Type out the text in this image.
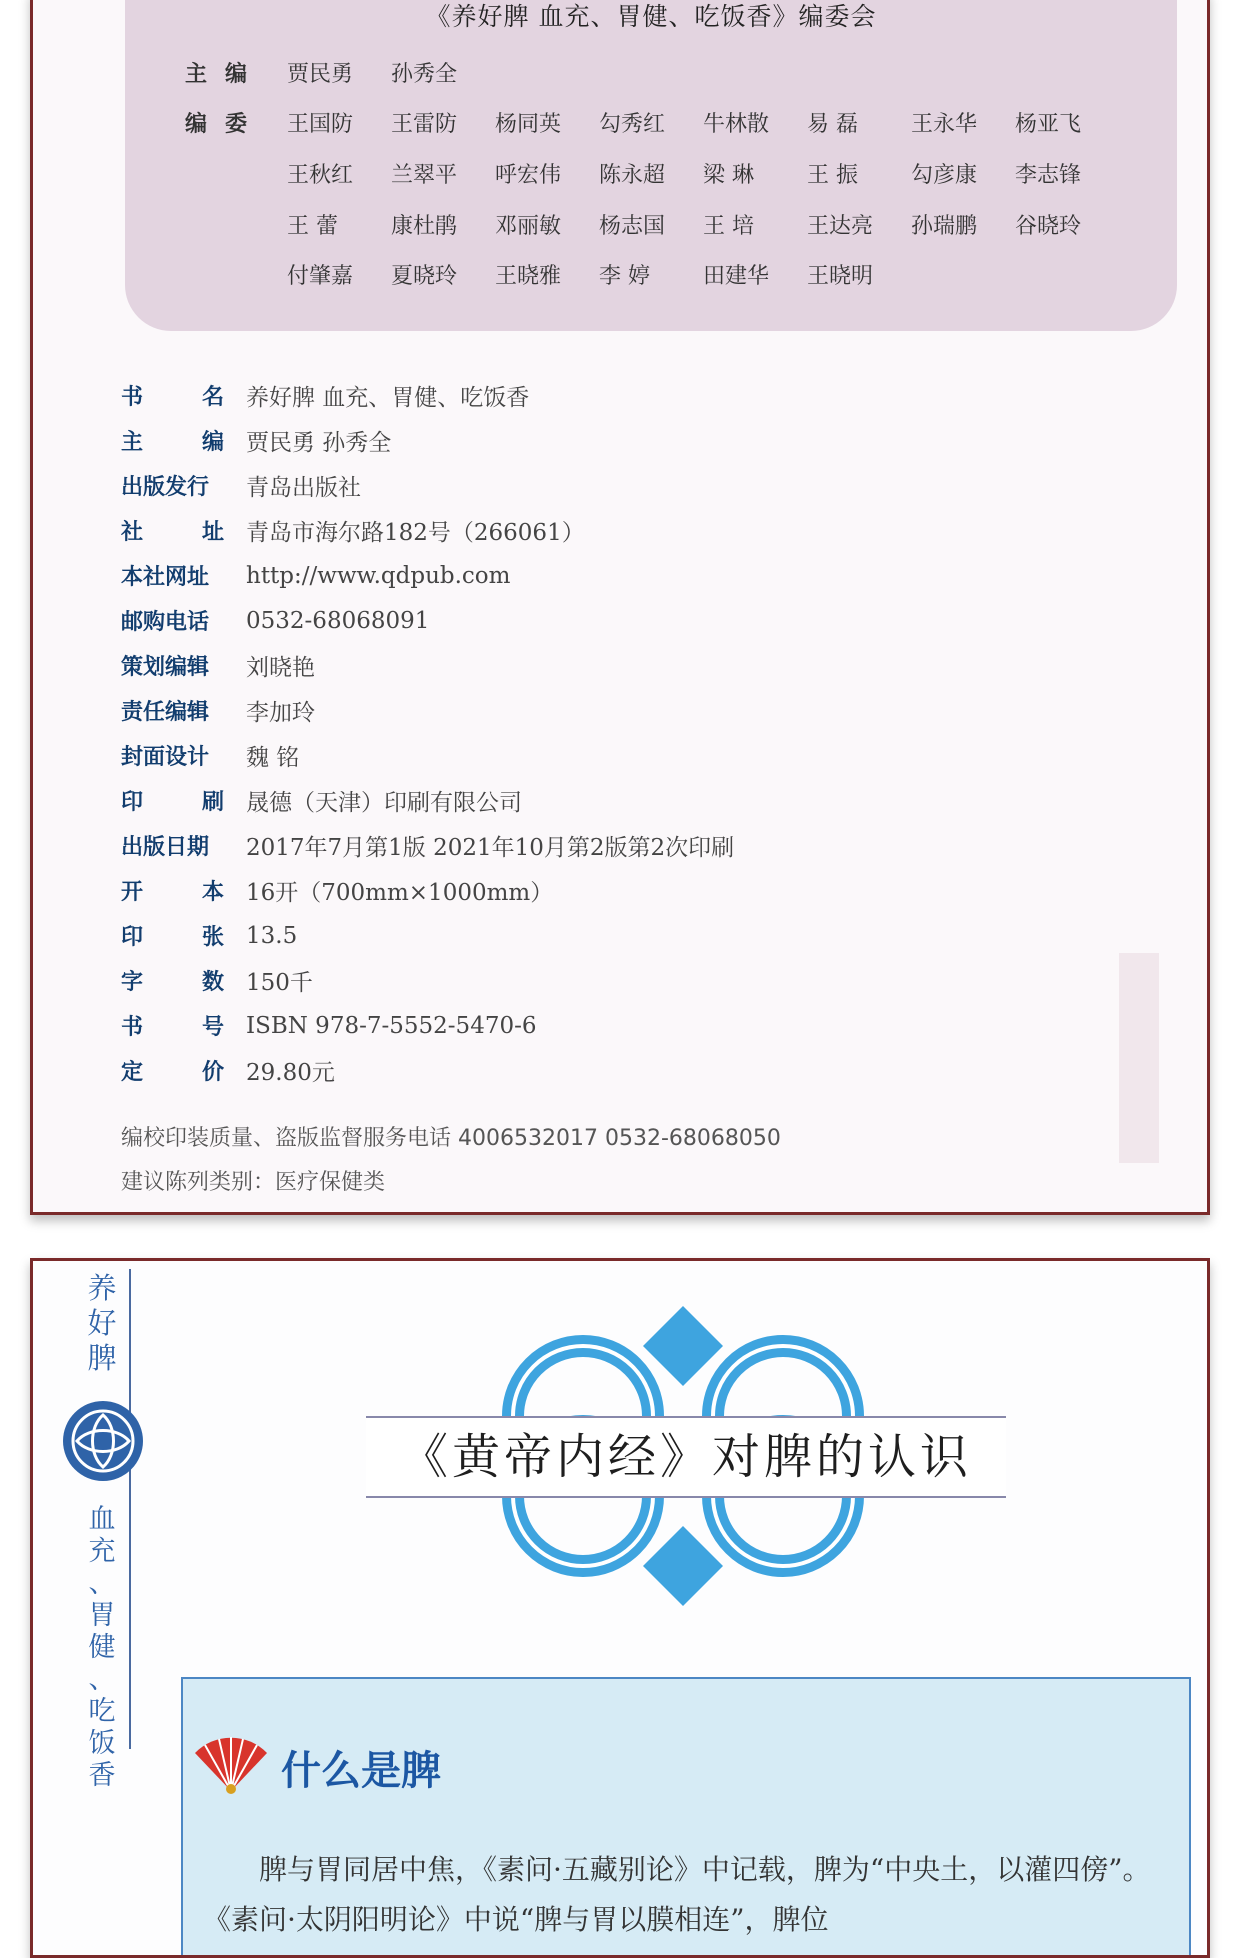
《养好脾 血充、胃健、吃饭香》编委会
主编 贾民勇	孙秀全
编委 王国防	王雷防	杨同英	勾秀红	牛林散	易 磊	王永华	杨亚飞
王秋红	兰翠平	呼宏伟	陈永超	梁 琳	王 振	勾彦康	李志锋
王 蕾	康杜鹃	邓丽敏	杨志国	王 培	王达亮	孙瑞鹏	谷晓玲
付肇嘉	夏晓玲	王晓雅	李 婷	田建华	王晓明
书	名 养好脾 血充、胃健、吃饭香
主	编 贾民勇 孙秀全
出版发行 青岛出版社
社	址 青岛市海尔路182号（266061）
本社网址 http://www.qdpub.com
邮购电话 0532-68068091
策划编辑 刘晓艳
责任编辑 李加玲
封面设计 魏 铭
印	刷 晟德（天津）印刷有限公司
出版日期 2017年7月第1版 2021年10月第2版第2次印刷
开	本 16开（700mm×1000mm）
印	张 13.5
字	数 150千
书	号 ISBN 978-7-5552-5470-6
定	价 29.80元
编校印装质量、盗版监督服务电话 4006532017 0532-68068050
建议陈列类别：医疗保健类
养
好
脾
血
充
、
胃
健
、
吃
饭
香
《黄帝内经》对脾的认识
什么是脾
脾与胃同居中焦，《素问·五藏别论》中记载，脾为“中央土，以灌四傍”。《素问·太阴阳明论》中说“脾与胃以膜相连”，脾位
